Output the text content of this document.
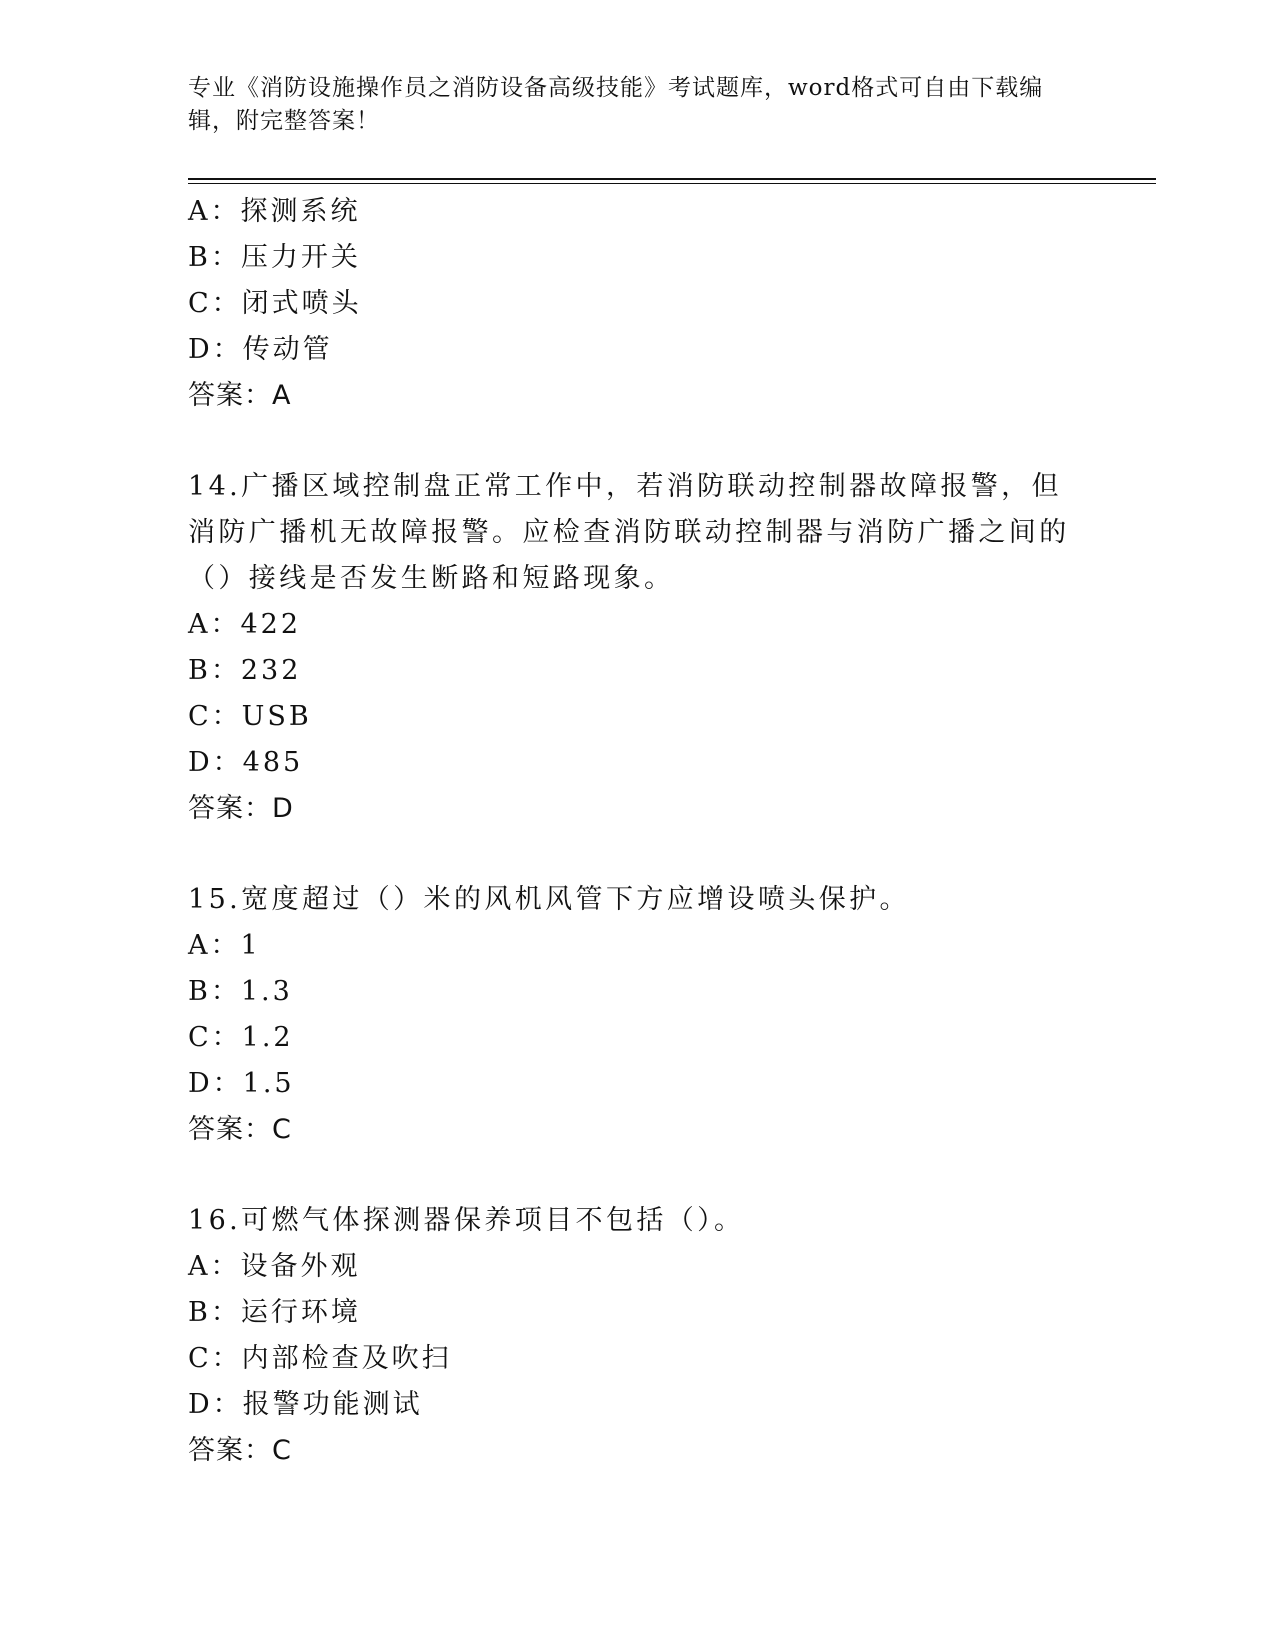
专业《消防设施操作员之消防设备高级技能》考试题库，word格式可自由下载编辑，附完整答案！
A：探测系统
B：压力开关
C：闭式喷头
D：传动管
答案：A
14.广播区域控制盘正常工作中，若消防联动控制器故障报警，但消防广播机无故障报警。应检查消防联动控制器与消防广播之间的（）接线是否发生断路和短路现象。
A：422
B：232
C：USB
D：485
答案：D
15.宽度超过（）米的风机风管下方应增设喷头保护。
A：1
B：1.3
C：1.2
D：1.5
答案：C
16.可燃气体探测器保养项目不包括（）。
A：设备外观
B：运行环境
C：内部检查及吹扫
D：报警功能测试
答案：C
